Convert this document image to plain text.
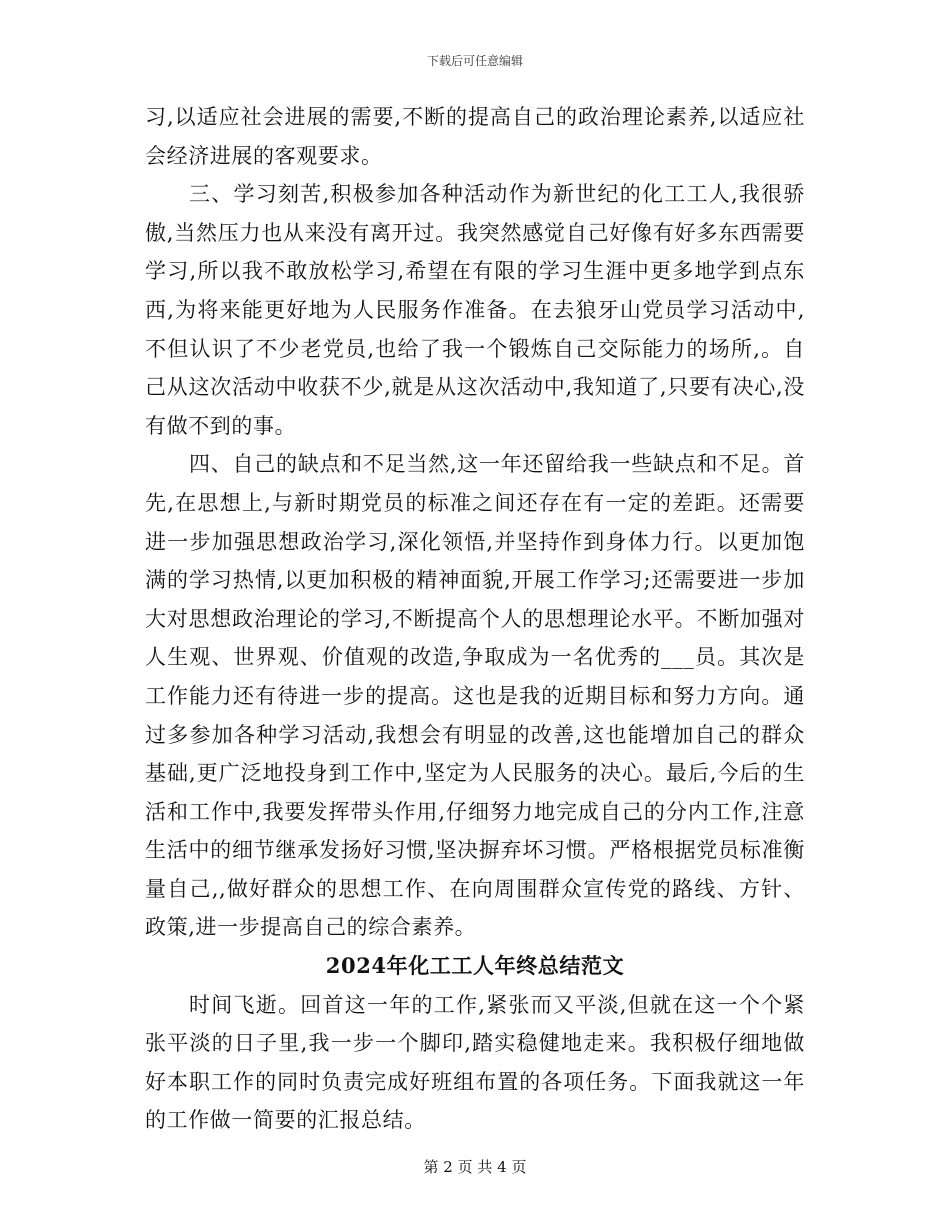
下载后可任意编辑

习,以适应社会进展的需要,不断的提高自己的政治理论素养,以适应社会经济进展的客观要求。

三、学习刻苦,积极参加各种活动作为新世纪的化工工人,我很骄傲,当然压力也从来没有离开过。我突然感觉自己好像有好多东西需要学习,所以我不敢放松学习,希望在有限的学习生涯中更多地学到点东西,为将来能更好地为人民服务作准备。在去狼牙山党员学习活动中,不但认识了不少老党员,也给了我一个锻炼自己交际能力的场所,。自己从这次活动中收获不少,就是从这次活动中,我知道了,只要有决心,没有做不到的事。

四、自己的缺点和不足当然,这一年还留给我一些缺点和不足。首先,在思想上,与新时期党员的标准之间还存在有一定的差距。还需要进一步加强思想政治学习,深化领悟,并坚持作到身体力行。以更加饱满的学习热情,以更加积极的精神面貌,开展工作学习;还需要进一步加大对思想政治理论的学习,不断提高个人的思想理论水平。不断加强对人生观、世界观、价值观的改造,争取成为一名优秀的___员。其次是工作能力还有待进一步的提高。这也是我的近期目标和努力方向。通过多参加各种学习活动,我想会有明显的改善,这也能增加自己的群众基础,更广泛地投身到工作中,坚定为人民服务的决心。最后,今后的生活和工作中,我要发挥带头作用,仔细努力地完成自己的分内工作,注意生活中的细节继承发扬好习惯,坚决摒弃坏习惯。严格根据党员标准衡量自己,,做好群众的思想工作、在向周围群众宣传党的路线、方针、政策,进一步提高自己的综合素养。

2024年化工工人年终总结范文

时间飞逝。回首这一年的工作,紧张而又平淡,但就在这一个个紧张平淡的日子里,我一步一个脚印,踏实稳健地走来。我积极仔细地做好本职工作的同时负责完成好班组布置的各项任务。下面我就这一年的工作做一简要的汇报总结。

第 2 页 共 4 页
